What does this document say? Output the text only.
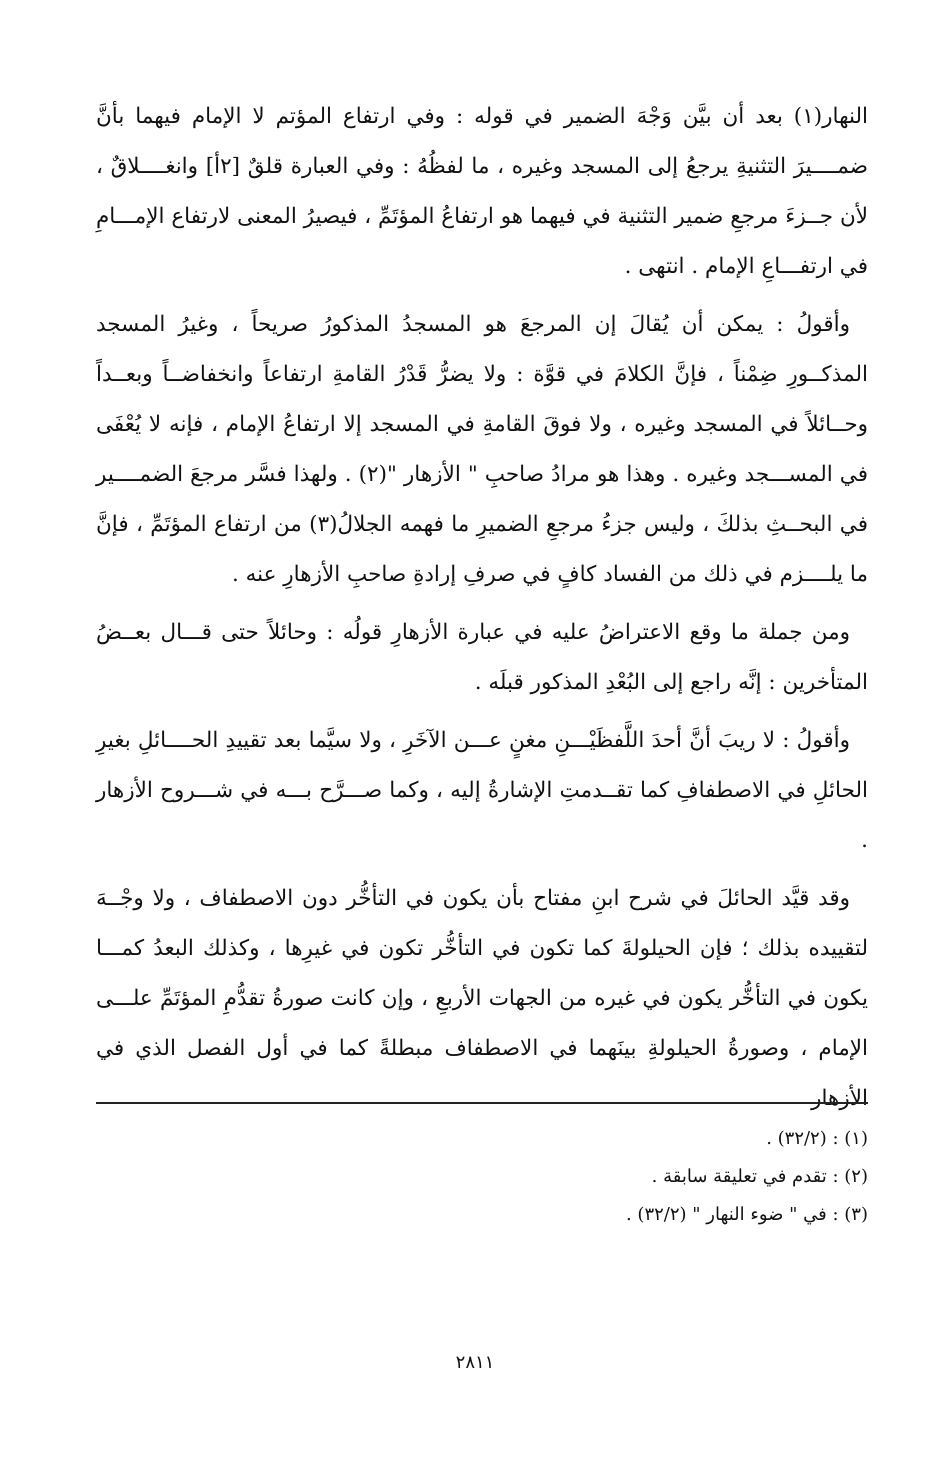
النهار(١) بعد أن بيَّن وَجْهَ الضمير في قوله : وفي ارتفاع المؤتم لا الإمام فيهما بأنَّ ضمــــيرَ التثنيةِ يرجعُ إلى المسجد وغيره ، ما لفظُهُ : وفي العبارة قلقٌ [٢أ] وانغــــلاقٌ ، لأن جــزءَ مرجعِ ضمير التثنية في فيهما هو ارتفاعُ المؤتَمِّ ، فيصيرُ المعنى لارتفاع الإمـــامِ في ارتفـــاعِ الإمام . انتهى .

وأقولُ : يمكن أن يُقالَ إن المرجعَ هو المسجدُ المذكورُ صريحاً ، وغيرُ المسجد المذكــورِ ضِمْناً ، فإنَّ الكلامَ في قوَّة : ولا يضرُّ قَدْرُ القامةِ ارتفاعاً وانخفاضــاً وبعــداً وحــائلاً في المسجد وغيره ، ولا فوقَ القامةِ في المسجد إلا ارتفاعُ الإمام ، فإنه لا يُعْفَى في المســـجد وغيره . وهذا هو مرادُ صاحبِ " الأزهار "(٢) . ولهذا فسَّر مرجعَ الضمــــير في البحــثِ بذلكَ ، وليس جزءُ مرجعِ الضميرِ ما فهمه الجلالُ(٣) من ارتفاع المؤتَمِّ ، فإنَّ ما يلــــزم في ذلك من الفساد كافٍ في صرفِ إرادةِ صاحبِ الأزهارِ عنه .

ومن جملة ما وقع الاعتراضُ عليه في عبارة الأزهارِ قولُه : وحائلاً حتى قـــال بعــضُ المتأخرين : إنَّه راجع إلى البُعْدِ المذكور قبلَه .

وأقولُ : لا ريبَ أنَّ أحدَ اللَّفظَيْـــنِ مغنٍ عـــن الآخَرِ ، ولا سيَّما بعد تقييدِ الحــــائلِ بغيرِ الحائلِ في الاصطفافِ كما تقــدمتِ الإشارةُ إليه ، وكما صـــرَّح بـــه في شـــروح الأزهار .

وقد قيَّد الحائلَ في شرح ابنِ مفتاح بأن يكون في التأخُّر دون الاصطفاف ، ولا وجْــهَ لتقييده بذلك ؛ فإن الحيلولةَ كما تكون في التأخُّر تكون في غيرِها ، وكذلك البعدُ كمـــا يكون في التأخُّر يكون في غيره من الجهات الأربعِ ، وإن كانت صورةُ تقدُّمِ المؤتَمِّ علـــى الإمام ، وصورةُ الحيلولةِ بينَهما في الاصطفاف مبطلةً كما في أول الفصل الذي في الأزهار

(١) : (٣٢/٢) .
(٢) : تقدم في تعليقة سابقة .
(٣) : في " ضوء النهار " (٣٢/٢) .
٢٨١١
